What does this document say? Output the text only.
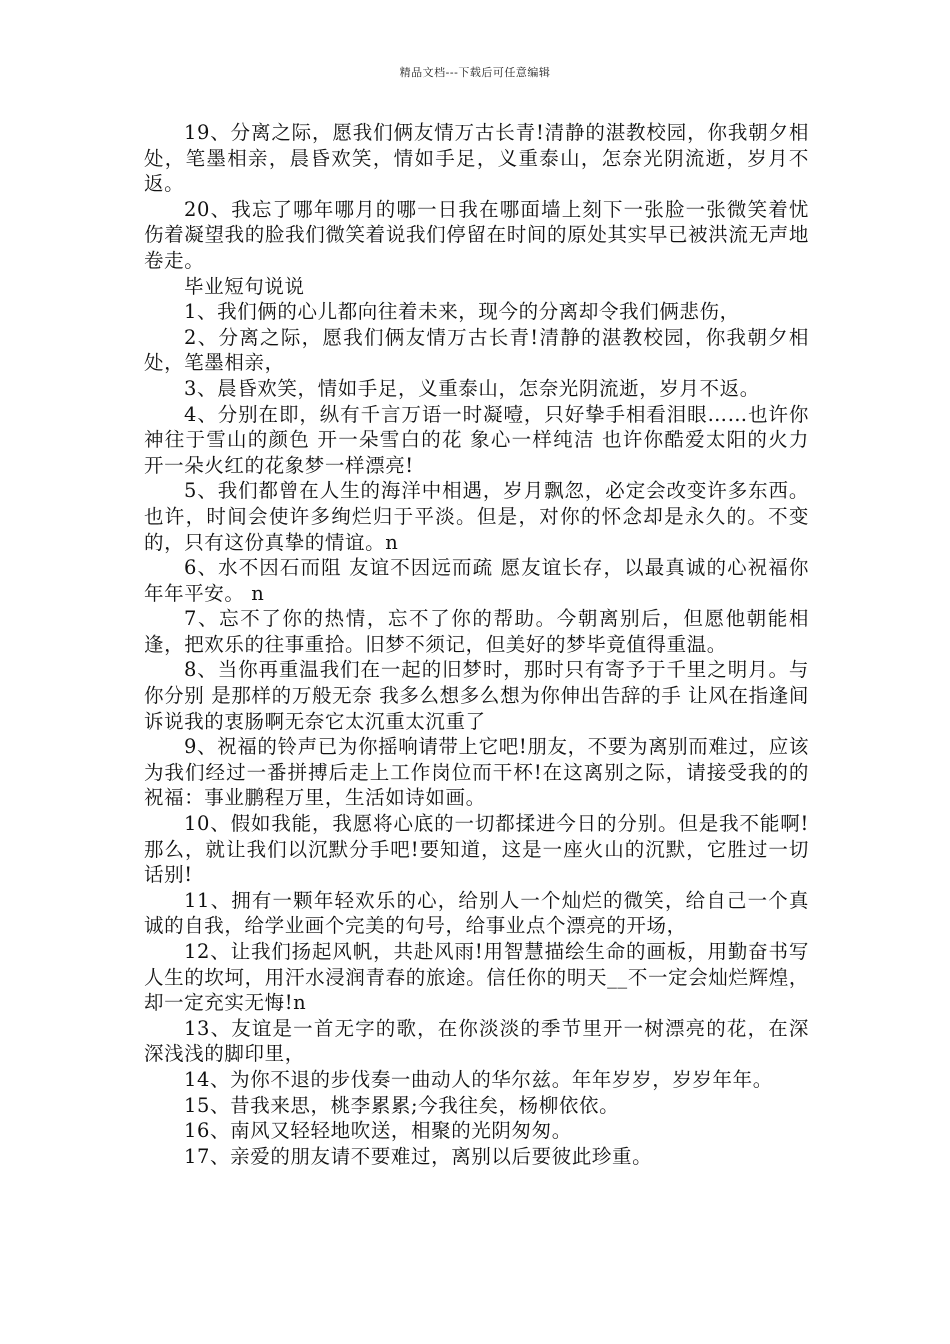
精品文档---下载后可任意编辑

19、分离之际，愿我们俩友情万古长青!清静的湛教校园，你我朝夕相处，笔墨相亲，晨昏欢笑，情如手足，义重泰山，怎奈光阴流逝，岁月不返。

20、我忘了哪年哪月的哪一日我在哪面墙上刻下一张脸一张微笑着忧伤着凝望我的脸我们微笑着说我们停留在时间的原处其实早已被洪流无声地卷走。

毕业短句说说

1、我们俩的心儿都向往着未来，现今的分离却令我们俩悲伤，

2、分离之际，愿我们俩友情万古长青!清静的湛教校园，你我朝夕相处，笔墨相亲，

3、晨昏欢笑，情如手足，义重泰山，怎奈光阴流逝，岁月不返。

4、分别在即，纵有千言万语一时凝噎，只好挚手相看泪眼……也许你神往于雪山的颜色 开一朵雪白的花 象心一样纯洁 也许你酷爱太阳的火力 开一朵火红的花象梦一样漂亮!

5、我们都曾在人生的海洋中相遇，岁月飘忽，必定会改变许多东西。也许，时间会使许多绚烂归于平淡。但是，对你的怀念却是永久的。不变的，只有这份真挚的情谊。n

6、水不因石而阻 友谊不因远而疏 愿友谊长存，以最真诚的心祝福你年年平安。 n

7、忘不了你的热情，忘不了你的帮助。今朝离别后，但愿他朝能相逢，把欢乐的往事重拾。旧梦不须记，但美好的梦毕竟值得重温。

8、当你再重温我们在一起的旧梦时，那时只有寄予于千里之明月。与你分别 是那样的万般无奈 我多么想多么想为你伸出告辞的手 让风在指逢间诉说我的衷肠啊无奈它太沉重太沉重了

9、祝福的铃声已为你摇响请带上它吧!朋友，不要为离别而难过，应该为我们经过一番拼搏后走上工作岗位而干杯!在这离别之际，请接受我的的祝福：事业鹏程万里，生活如诗如画。

10、假如我能，我愿将心底的一切都揉进今日的分别。但是我不能啊!那么，就让我们以沉默分手吧!要知道，这是一座火山的沉默，它胜过一切话别!

11、拥有一颗年轻欢乐的心，给别人一个灿烂的微笑，给自己一个真诚的自我，给学业画个完美的句号，给事业点个漂亮的开场，

12、让我们扬起风帆，共赴风雨!用智慧描绘生命的画板，用勤奋书写人生的坎坷，用汗水浸润青春的旅途。信任你的明天__不一定会灿烂辉煌，却一定充实无悔!n

13、友谊是一首无字的歌，在你淡淡的季节里开一树漂亮的花，在深深浅浅的脚印里，

14、为你不退的步伐奏一曲动人的华尔兹。年年岁岁，岁岁年年。

15、昔我来思，桃李累累;今我往矣，杨柳依依。

16、南风又轻轻地吹送，相聚的光阴匆匆。

17、亲爱的朋友请不要难过，离别以后要彼此珍重。
